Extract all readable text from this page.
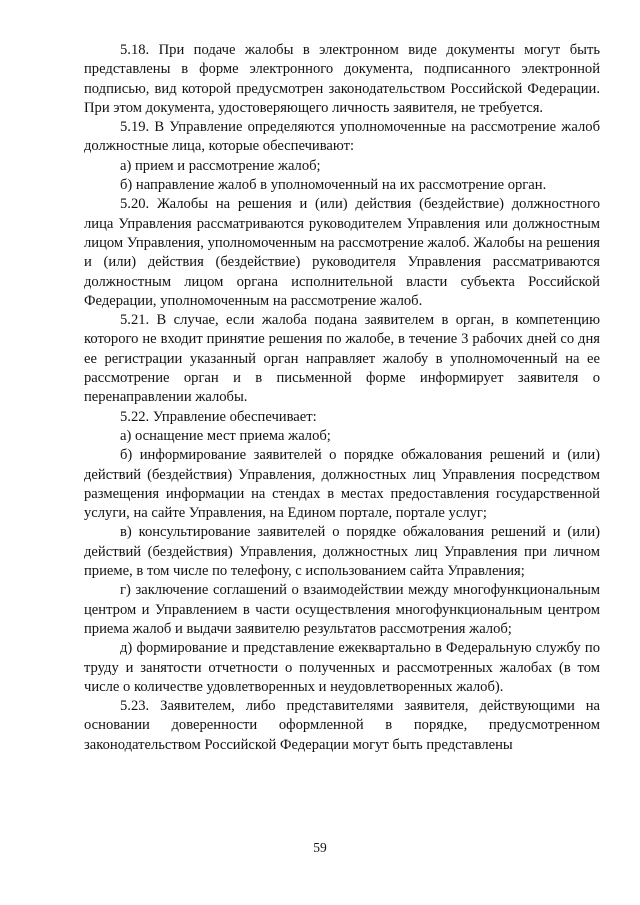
5.18. При подаче жалобы в электронном виде документы могут быть представлены в форме электронного документа, подписанного электронной подписью, вид которой предусмотрен законодательством Российской Федерации. При этом документа, удостоверяющего личность заявителя, не требуется.

5.19. В Управление определяются уполномоченные на рассмотрение жалоб должностные лица, которые обеспечивают:

а) прием и рассмотрение жалоб;

б) направление жалоб в уполномоченный на их рассмотрение орган.

5.20. Жалобы на решения и (или) действия (бездействие) должностного лица Управления рассматриваются руководителем Управления или должностным лицом Управления, уполномоченным на рассмотрение жалоб. Жалобы на решения и (или) действия (бездействие) руководителя Управления рассматриваются должностным лицом органа исполнительной власти субъекта Российской Федерации, уполномоченным на рассмотрение жалоб.

5.21. В случае, если жалоба подана заявителем в орган, в компетенцию которого не входит принятие решения по жалобе, в течение 3 рабочих дней со дня ее регистрации указанный орган направляет жалобу в уполномоченный на ее рассмотрение орган и в письменной форме информирует заявителя о перенаправлении жалобы.

5.22. Управление обеспечивает:

а) оснащение мест приема жалоб;

б) информирование заявителей о порядке обжалования решений и (или) действий (бездействия) Управления, должностных лиц Управления посредством размещения информации на стендах в местах предоставления государственной услуги, на сайте Управления, на Едином портале, портале услуг;

в) консультирование заявителей о порядке обжалования решений и (или) действий (бездействия) Управления, должностных лиц Управления при личном приеме, в том числе по телефону, с использованием сайта Управления;

г) заключение соглашений о взаимодействии между многофункциональным центром и Управлением в части осуществления многофункциональным центром приема жалоб и выдачи заявителю результатов рассмотрения жалоб;

д) формирование и представление ежеквартально в Федеральную службу по труду и занятости отчетности о полученных и рассмотренных жалобах (в том числе о количестве удовлетворенных и неудовлетворенных жалоб).

5.23. Заявителем, либо представителями заявителя, действующими на основании доверенности оформленной в порядке, предусмотренном законодательством Российской Федерации могут быть представлены

59
